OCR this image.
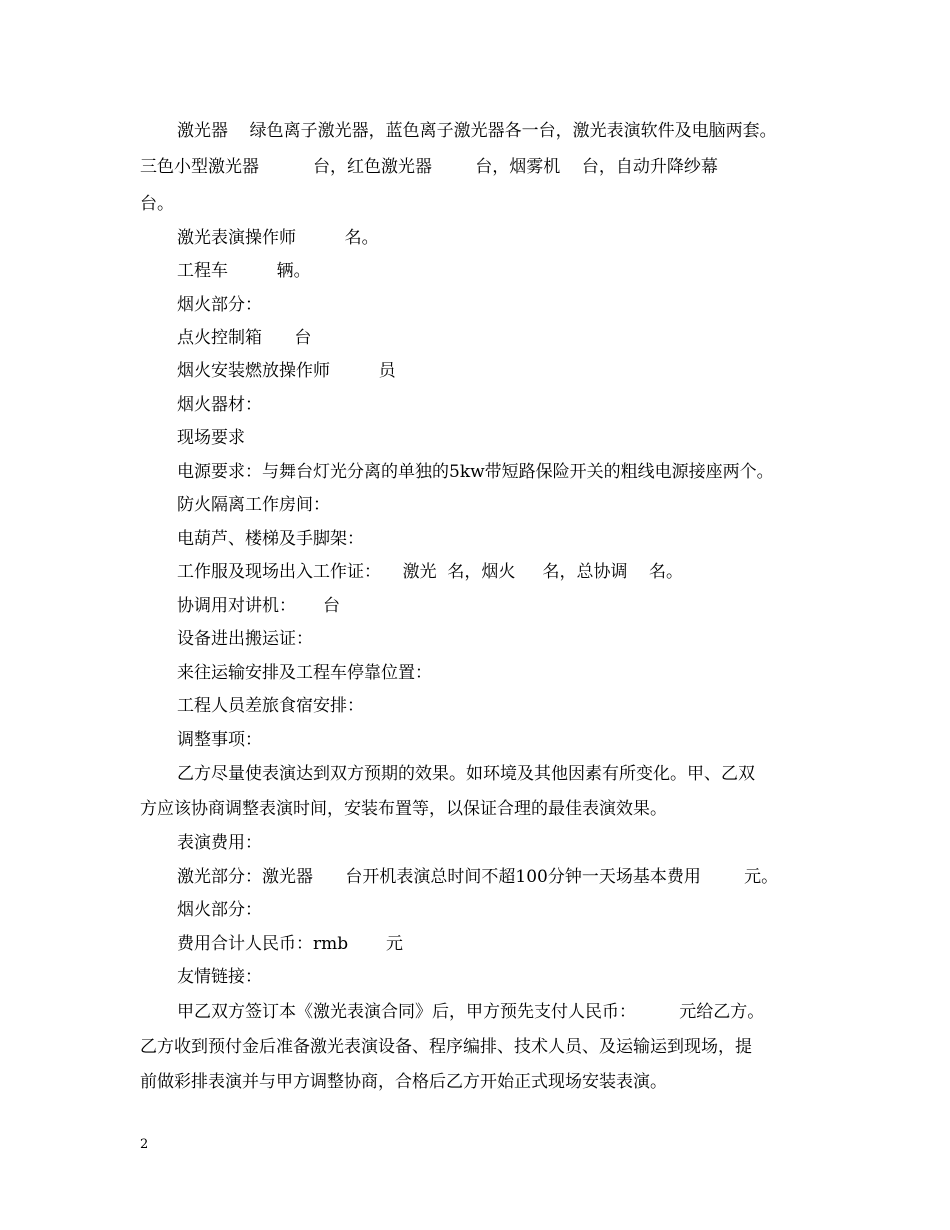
激光器    绿色离子激光器，蓝色离子激光器各一台，激光表演软件及电脑两套。
三色小型激光器          台，红色激光器        台，烟雾机    台，自动升降纱幕
台。
激光表演操作师         名。
工程车         辆。
烟火部分：
点火控制箱      台
烟火安装燃放操作师         员
烟火器材：
现场要求
电源要求：与舞台灯光分离的单独的5kw带短路保险开关的粗线电源接座两个。
防火隔离工作房间：
电葫芦、楼梯及手脚架：
工作服及现场出入工作证：    激光  名，烟火     名，总协调    名。
协调用对讲机：     台
设备进出搬运证：
来往运输安排及工程车停靠位置：
工程人员差旅食宿安排：
调整事项：
乙方尽量使表演达到双方预期的效果。如环境及其他因素有所变化。甲、乙双
方应该协商调整表演时间，安装布置等，以保证合理的最佳表演效果。
表演费用：
激光部分：激光器      台开机表演总时间不超100分钟一天场基本费用        元。
烟火部分：
费用合计人民币：rmb       元
友情链接：
甲乙双方签订本《激光表演合同》后，甲方预先支付人民币：        元给乙方。
乙方收到预付金后准备激光表演设备、程序编排、技术人员、及运输运到现场，提
前做彩排表演并与甲方调整协商，合格后乙方开始正式现场安装表演。
2
